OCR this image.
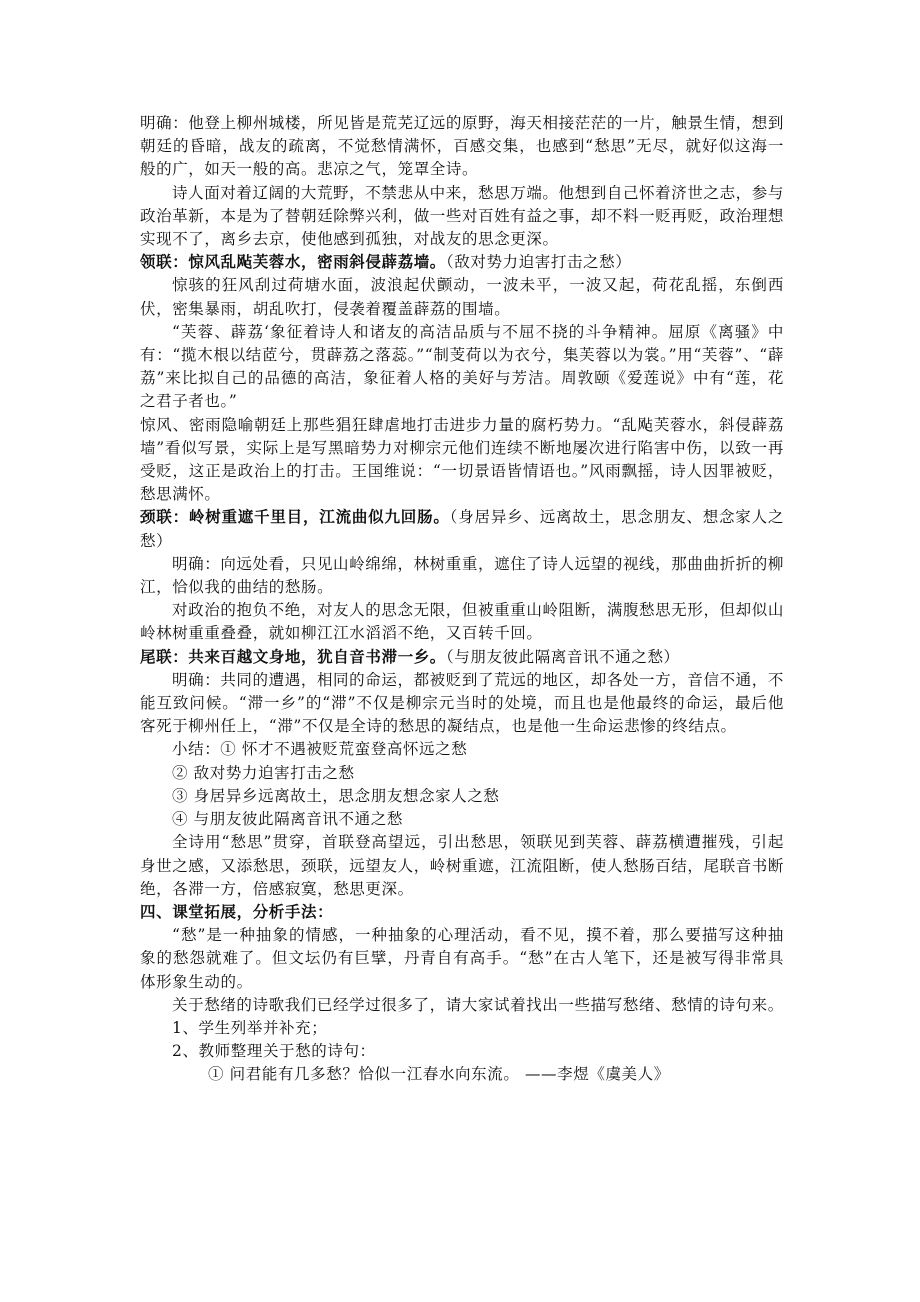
明确：他登上柳州城楼，所见皆是荒芜辽远的原野，海天相接茫茫的一片，触景生情，想到朝廷的昏暗，战友的疏离，不觉愁情满怀，百感交集，也感到“愁思”无尽，就好似这海一般的广，如天一般的高。悲凉之气，笼罩全诗。

诗人面对着辽阔的大荒野，不禁悲从中来，愁思万端。他想到自己怀着济世之志，参与政治革新，本是为了替朝廷除弊兴利，做一些对百姓有益之事，却不料一贬再贬，政治理想实现不了，离乡去京，使他感到孤独，对战友的思念更深。

领联：惊风乱飐芙蓉水，密雨斜侵薜荔墙。（敌对势力迫害打击之愁）

惊骇的狂风刮过荷塘水面，波浪起伏颤动，一波未平，一波又起，荷花乱摇，东倒西伏，密集暴雨，胡乱吹打，侵袭着覆盖薜荔的围墙。

“芙蓉、薜荔‘象征着诗人和诸友的高洁品质与不屈不挠的斗争精神。屈原《离骚》中有：“揽木根以结茝兮，贯薜荔之落蕊。”“制芰荷以为衣兮，集芙蓉以为裳。”用“芙蓉”、“薜荔”来比拟自己的品德的高洁，象征着人格的美好与芳洁。周敦颐《爱莲说》中有“莲，花之君子者也。”

惊风、密雨隐喻朝廷上那些猖狂肆虐地打击进步力量的腐朽势力。“乱飐芙蓉水，斜侵薜荔墙”看似写景，实际上是写黑暗势力对柳宗元他们连续不断地屡次进行陷害中伤，以致一再受贬，这正是政治上的打击。王国维说：“一切景语皆情语也。”风雨飘摇，诗人因罪被贬，愁思满怀。

颈联：岭树重遮千里目，江流曲似九回肠。（身居异乡、远离故土，思念朋友、想念家人之愁）

明确：向远处看，只见山岭绵绵，林树重重，遮住了诗人远望的视线，那曲曲折折的柳江，恰似我的曲结的愁肠。

对政治的抱负不绝，对友人的思念无限，但被重重山岭阻断，满腹愁思无形，但却似山岭林树重重叠叠，就如柳江江水滔滔不绝，又百转千回。

尾联：共来百越文身地，犹自音书滞一乡。（与朋友彼此隔离音讯不通之愁）

明确：共同的遭遇，相同的命运，都被贬到了荒远的地区，却各处一方，音信不通，不能互致问候。“滞一乡”的“滞”不仅是柳宗元当时的处境，而且也是他最终的命运，最后他客死于柳州任上，“滞”不仅是全诗的愁思的凝结点，也是他一生命运悲惨的终结点。

小结：① 怀才不遇被贬荒蛮登高怀远之愁

② 敌对势力迫害打击之愁

③ 身居异乡远离故土，思念朋友想念家人之愁

④ 与朋友彼此隔离音讯不通之愁

全诗用“愁思”贯穿，首联登高望远，引出愁思，领联见到芙蓉、薜荔横遭摧残，引起身世之感，又添愁思，颈联，远望友人，岭树重遮，江流阻断，使人愁肠百结，尾联音书断绝，各滞一方，倍感寂寞，愁思更深。

四、课堂拓展，分析手法：

“愁”是一种抽象的情感，一种抽象的心理活动，看不见，摸不着，那么要描写这种抽象的愁怨就难了。但文坛仍有巨擘，丹青自有高手。“愁”在古人笔下，还是被写得非常具体形象生动的。

关于愁绪的诗歌我们已经学过很多了，请大家试着找出一些描写愁绪、愁情的诗句来。

1、学生列举并补充；

2、教师整理关于愁的诗句：

① 问君能有几多愁？恰似一江春水向东流。 ——李煜《虞美人》
